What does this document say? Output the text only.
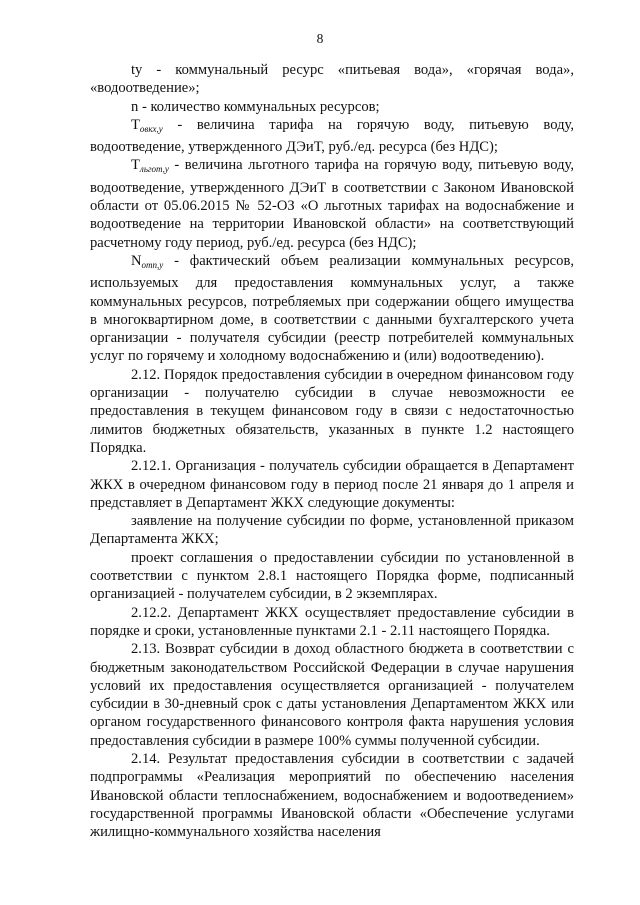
8

ty - коммунальный ресурс «питьевая вода», «горячая вода», «водоотведение»;

n - количество коммунальных ресурсов;

$T_{овкх,у}$ - величина тарифа на горячую воду, питьевую воду, водоотведение, утвержденного ДЭиТ, руб./ед. ресурса (без НДС);

$T_{льгот,у}$ - величина льготного тарифа на горячую воду, питьевую воду, водоотведение, утвержденного ДЭиТ в соответствии с Законом Ивановской области от 05.06.2015 № 52-ОЗ «О льготных тарифах на водоснабжение и водоотведение на территории Ивановской области» на соответствующий расчетному году период, руб./ед. ресурса (без НДС);

$N_{отп,у}$ - фактический объем реализации коммунальных ресурсов, используемых для предоставления коммунальных услуг, а также коммунальных ресурсов, потребляемых при содержании общего имущества в многоквартирном доме, в соответствии с данными бухгалтерского учета организации - получателя субсидии (реестр потребителей коммунальных услуг по горячему и холодному водоснабжению и (или) водоотведению).

2.12. Порядок предоставления субсидии в очередном финансовом году организации - получателю субсидии в случае невозможности ее предоставления в текущем финансовом году в связи с недостаточностью лимитов бюджетных обязательств, указанных в пункте 1.2 настоящего Порядка.

2.12.1. Организация - получатель субсидии обращается в Департамент ЖКХ в очередном финансовом году в период после 21 января до 1 апреля и представляет в Департамент ЖКХ следующие документы:

заявление на получение субсидии по форме, установленной приказом Департамента ЖКХ;

проект соглашения о предоставлении субсидии по установленной в соответствии с пунктом 2.8.1 настоящего Порядка форме, подписанный организацией - получателем субсидии, в 2 экземплярах.

2.12.2. Департамент ЖКХ осуществляет предоставление субсидии в порядке и сроки, установленные пунктами 2.1 - 2.11 настоящего Порядка.

2.13. Возврат субсидии в доход областного бюджета в соответствии с бюджетным законодательством Российской Федерации в случае нарушения условий их предоставления осуществляется организацией - получателем субсидии в 30-дневный срок с даты установления Департаментом ЖКХ или органом государственного финансового контроля факта нарушения условия предоставления субсидии в размере 100% суммы полученной субсидии.

2.14. Результат предоставления субсидии в соответствии с задачей подпрограммы «Реализация мероприятий по обеспечению населения Ивановской области теплоснабжением, водоснабжением и водоотведением» государственной программы Ивановской области «Обеспечение услугами жилищно-коммунального хозяйства населения
